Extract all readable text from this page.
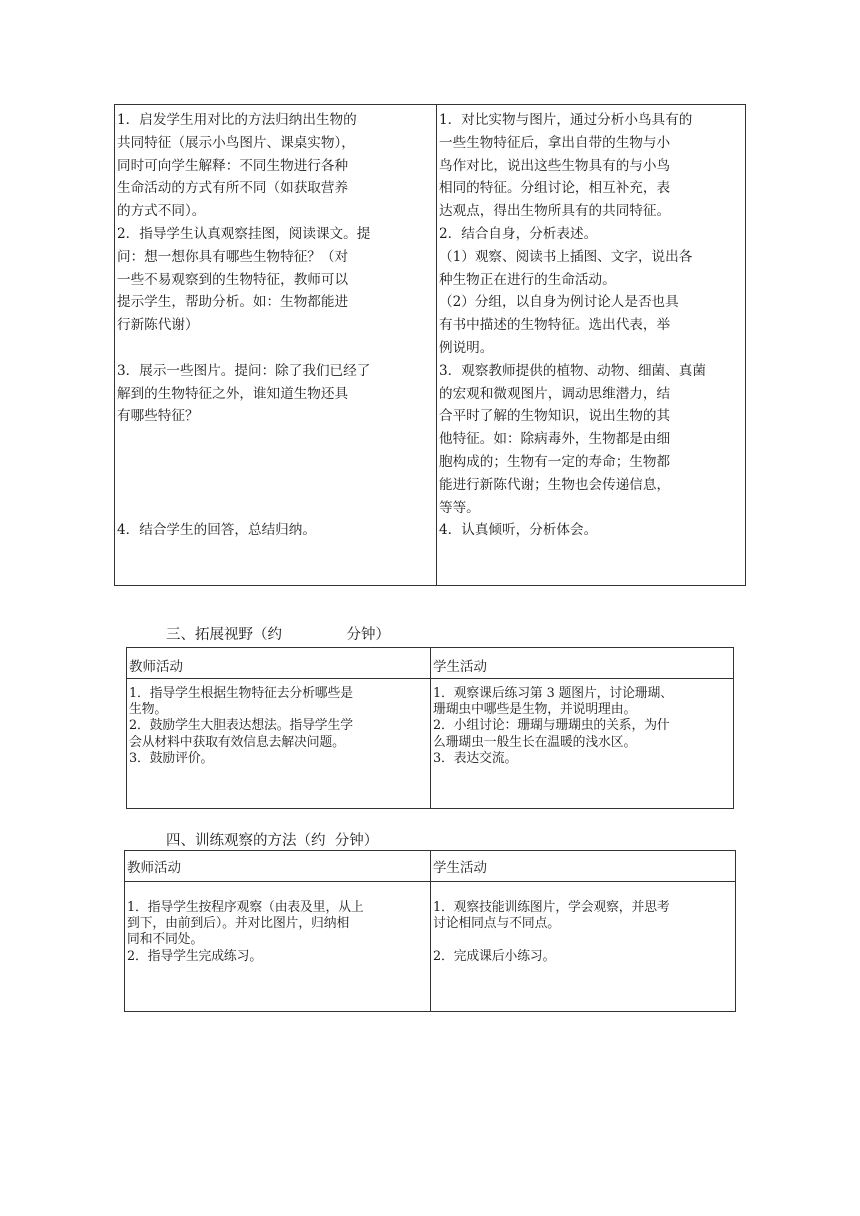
1．启发学生用对比的方法归纳出生物的

共同特征（展示小鸟图片、课桌实物），

同时可向学生解释：不同生物进行各种

生命活动的方式有所不同（如获取营养

的方式不同）。

2．指导学生认真观察挂图，阅读课文。提

问：想一想你具有哪些生物特征？（对

一些不易观察到的生物特征，教师可以

提示学生，帮助分析。如：生物都能进

行新陈代谢）

3．展示一些图片。提问：除了我们已经了

解到的生物特征之外，谁知道生物还具

有哪些特征？

4．结合学生的回答，总结归纳。

1．对比实物与图片，通过分析小鸟具有的

一些生物特征后，拿出自带的生物与小

鸟作对比，说出这些生物具有的与小鸟

相同的特征。分组讨论，相互补充，表

达观点，得出生物所具有的共同特征。

2．结合自身，分析表述。

（1）观察、阅读书上插图、文字，说出各

种生物正在进行的生命活动。

（2）分组，以自身为例讨论人是否也具

有书中描述的生物特征。选出代表，举

例说明。

3．观察教师提供的植物、动物、细菌、真菌

的宏观和微观图片，调动思维潜力，结

合平时了解的生物知识，说出生物的其

他特征。如：除病毒外，生物都是由细

胞构成的；生物有一定的寿命；生物都

能进行新陈代谢；生物也会传递信息，

等等。

4．认真倾听，分析体会。

三、拓展视野（约              分钟）
教师活动	学生活动

1．指导学生根据生物特征去分析哪些是

生物。

2．鼓励学生大胆表达想法。指导学生学

会从材料中获取有效信息去解决问题。

3．鼓励评价。

1．观察课后练习第 3 题图片，讨论珊瑚、

珊瑚虫中哪些是生物，并说明理由。

2．小组讨论：珊瑚与珊瑚虫的关系，为什

么珊瑚虫一般生长在温暖的浅水区。

3．表达交流。

四、训练观察的方法（约  分钟）
教师活动	学生活动

1．指导学生按程序观察（由表及里，从上

到下，由前到后）。并对比图片，归纳相

同和不同处。

2．指导学生完成练习。

1．观察技能训练图片，学会观察，并思考

讨论相同点与不同点。

2．完成课后小练习。
